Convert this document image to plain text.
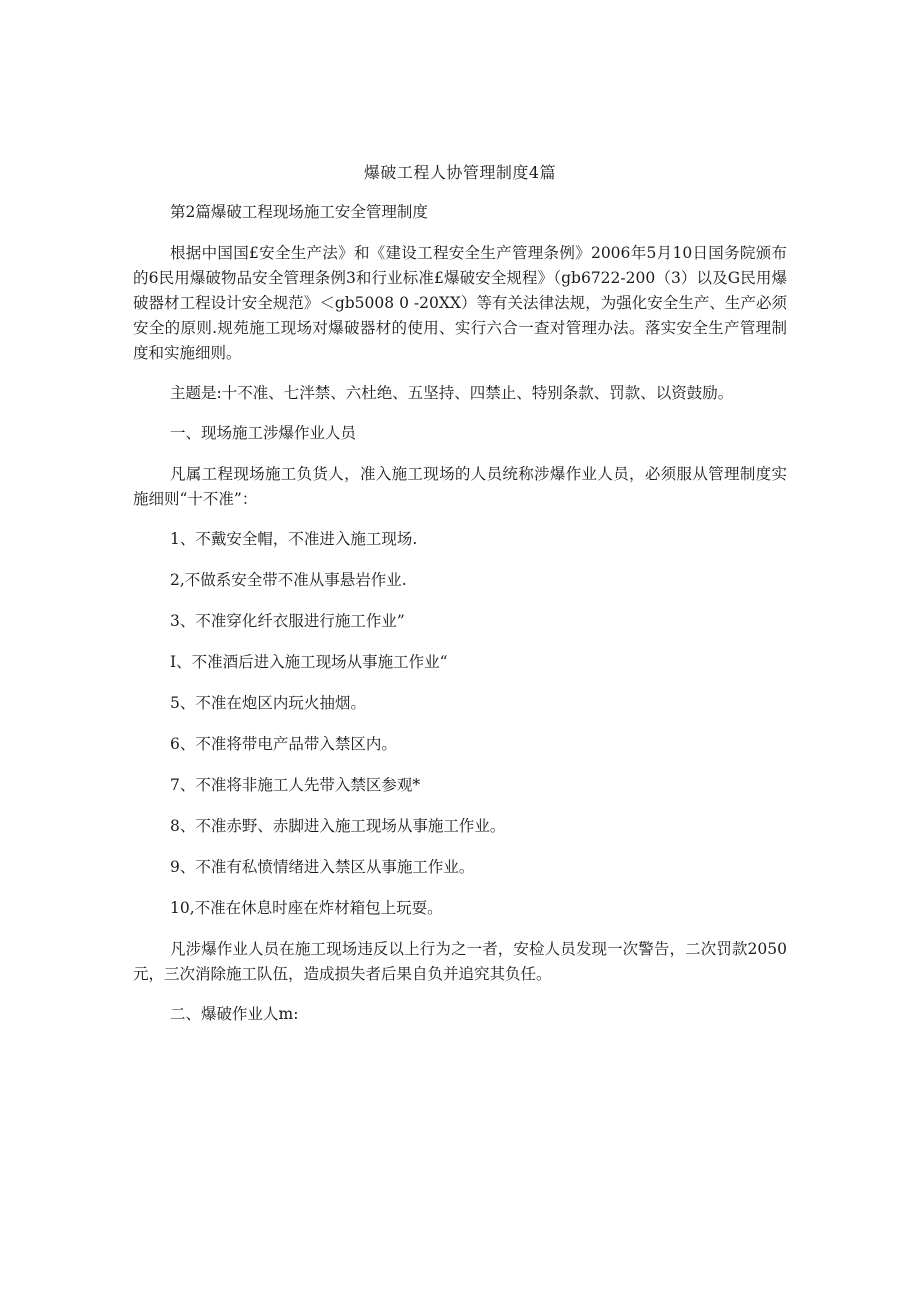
爆破工程人协管理制度4篇

第2篇爆破工程现场施工安全管理制度

根据中国国£安全生产法》和《建设工程安全生产管理条例》2006年5月10日国务院颁布的6民用爆破物品安全管理条例3和行业标准£爆破安全规程》（gb6722-200（3）以及G民用爆破器材工程设计安全规范》＜gb5008 0 -20XX）等有关法律法规，为强化安全生产、生产必须安全的原则.规苑施工现场对爆破器材的使用、实行六合一查对管理办法。落实安全生产管理制度和实施细则。

主题是:十不准、七泮禁、六杜绝、五坚持、四禁止、特别条款、罚款、以资鼓励。

一、现场施工涉爆作业人员

凡属工程现场施工负货人，准入施工现场的人员统称涉爆作业人员，必须服从管理制度实施细则“十不准”：

1、不戴安全帽，不准进入施工现场.

2,不做系安全带不准从事悬岩作业.

3、不准穿化纤衣服进行施工作业”

I、不准酒后进入施工现场从事施工作业“

5、不准在炮区内玩火抽烟。

6、不准将带电产品带入禁区内。

7、不准将非施工人先带入禁区参观*

8、不准赤野、赤脚进入施工现场从事施工作业。

9、不准有私愤情绪进入禁区从事施工作业。

10,不准在休息时座在炸材箱包上玩耍。

凡涉爆作业人员在施工现场违反以上行为之一者，安检人员发现一次警告，二次罚款2050元，三次消除施工队伍，造成损失者后果自负并追究其负任。

二、爆破作业人m:
